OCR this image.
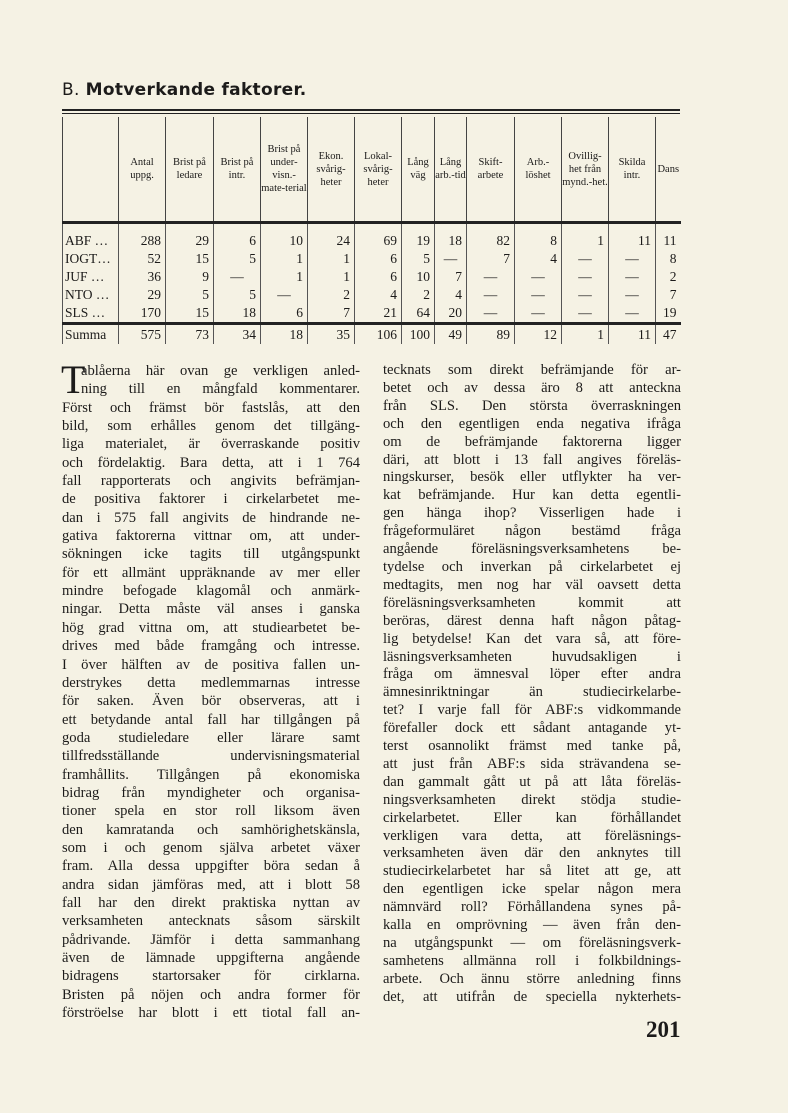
B. Motverkande faktorer.
	Antal uppg.	Brist på ledare	Brist på intr.	Brist på under-visn.-mate-terial	Ekon. svårig-heter	Lokal-svårig-heter	Lång väg	Lång arb.-tid	Skift-arbete	Arb.-löshet	Ovillig-het från mynd.-het.	Skilda intr.	Dans
ABF …	288	29	6	10	24	69	19	18	82	8	1	11	11
IOGT…	52	15	5	1	1	6	5	—	7	4	—	—	8
JUF …	36	9	—	1	1	6	10	7	—	—	—	—	2
NTO …	29	5	5	—	2	4	2	4	—	—	—	—	7
SLS …	170	15	18	6	7	21	64	20	—	—	—	—	19
Summa	575	73	34	18	35	106	100	49	89	12	1	11	47
T
ablåerna här ovan ge verkligen anled-
ning till en mångfald kommentarer.
Först och främst bör fastslås, att den
bild, som erhålles genom det tillgäng-
liga materialet, är överraskande positiv
och fördelaktig. Bara detta, att i 1 764
fall rapporterats och angivits befrämjan-
de positiva faktorer i cirkelarbetet me-
dan i 575 fall angivits de hindrande ne-
gativa faktorerna vittnar om, att under-
sökningen icke tagits till utgångspunkt
för ett allmänt uppräknande av mer eller
mindre befogade klagomål och anmärk-
ningar. Detta måste väl anses i ganska
hög grad vittna om, att studiearbetet be-
drives med både framgång och intresse.
I över hälften av de positiva fallen un-
derstrykes detta medlemmarnas intresse
för saken. Även bör observeras, att i
ett betydande antal fall har tillgången på
goda studieledare eller lärare samt
tillfredsställande undervisningsmaterial
framhållits. Tillgången på ekonomiska
bidrag från myndigheter och organisa-
tioner spela en stor roll liksom även
den kamratanda och samhörighetskänsla,
som i och genom själva arbetet växer
fram. Alla dessa uppgifter böra sedan å
andra sidan jämföras med, att i blott 58
fall har den direkt praktiska nyttan av
verksamheten antecknats såsom särskilt
pådrivande. Jämför i detta sammanhang
även de lämnade uppgifterna angående
bidragens startorsaker för cirklarna.
Bristen på nöjen och andra former för
förströelse har blott i ett tiotal fall an-
tecknats som direkt befrämjande för ar-
betet och av dessa äro 8 att anteckna
från SLS. Den största överraskningen
och den egentligen enda negativa ifråga
om de befrämjande faktorerna ligger
däri, att blott i 13 fall angives föreläs-
ningskurser, besök eller utflykter ha ver-
kat befrämjande. Hur kan detta egentli-
gen hänga ihop? Visserligen hade i
frågeformuläret någon bestämd fråga
angående föreläsningsverksamhetens be-
tydelse och inverkan på cirkelarbetet ej
medtagits, men nog har väl oavsett detta
föreläsningsverksamheten kommit att
beröras, därest denna haft någon påtag-
lig betydelse! Kan det vara så, att före-
läsningsverksamheten huvudsakligen i
fråga om ämnesval löper efter andra
ämnesinriktningar än studiecirkelarbe-
tet? I varje fall för ABF:s vidkommande
förefaller dock ett sådant antagande yt-
terst osannolikt främst med tanke på,
att just från ABF:s sida strävandena se-
dan gammalt gått ut på att låta föreläs-
ningsverksamheten direkt stödja studie-
cirkelarbetet. Eller kan förhållandet
verkligen vara detta, att föreläsnings-
verksamheten även där den anknytes till
studiecirkelarbetet har så litet att ge, att
den egentligen icke spelar någon mera
nämnvärd roll? Förhållandena synes på-
kalla en omprövning — även från den-
na utgångspunkt — om föreläsningsverk-
samhetens allmänna roll i folkbildnings-
arbete. Och ännu större anledning finns
det, att utifrån de speciella nykterhets-
201
